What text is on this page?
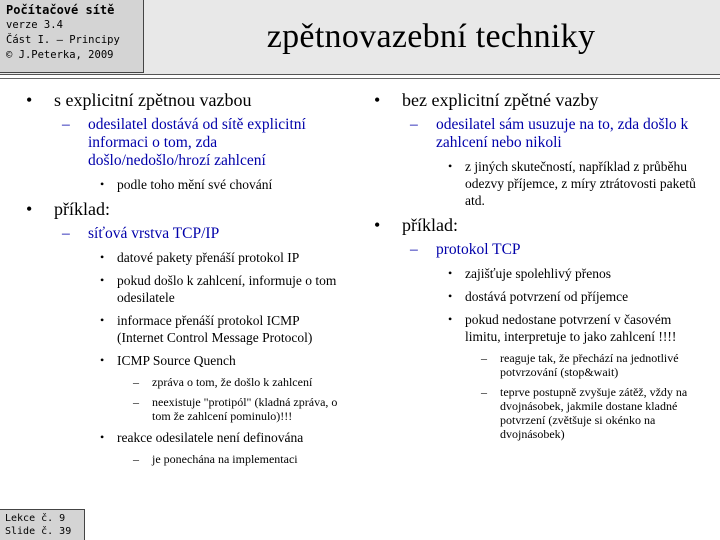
Počítačové sítě
verze 3.4
Část I. – Principy
© J.Peterka, 2009	zpětnovazební techniky
• s explicitní zpětnou vazbou
– odesilatel dostává od sítě explicitní informaci o tom, zda došlo/nedošlo/hrozí zahlcení
• podle toho mění své chování
• příklad:
– síťová vrstva TCP/IP
• datové pakety přenáší protokol IP
• pokud došlo k zahlcení, informuje o tom odesilatele
• informace přenáší protokol ICMP (Internet Control Message Protocol)
• ICMP Source Quench
– zpráva o tom, že došlo k zahlcení
– neexistuje "protipól" (kladná zpráva, o tom že zahlcení pominulo)!!!
• reakce odesilatele není definována
– je ponechána na implementaci
• bez explicitní zpětné vazby
– odesilatel sám usuzuje na to, zda došlo k zahlcení nebo nikoli
• z jiných skutečností, například z průběhu odezvy příjemce, z míry ztrátovosti paketů atd.
• příklad:
– protokol TCP
• zajišťuje spolehlivý přenos
• dostává potvrzení od příjemce
• pokud nedostane potvrzení v časovém limitu, interpretuje to jako zahlcení !!!!
– reaguje tak, že přechází na jednotlivé potvrzování (stop&wait)
– teprve postupně zvyšuje zátěž, vždy na dvojnásobek, jakmile dostane kladné potvrzení (zvětšuje si okénko na dvojnásobek)
Lekce č. 9
Slide č. 39
